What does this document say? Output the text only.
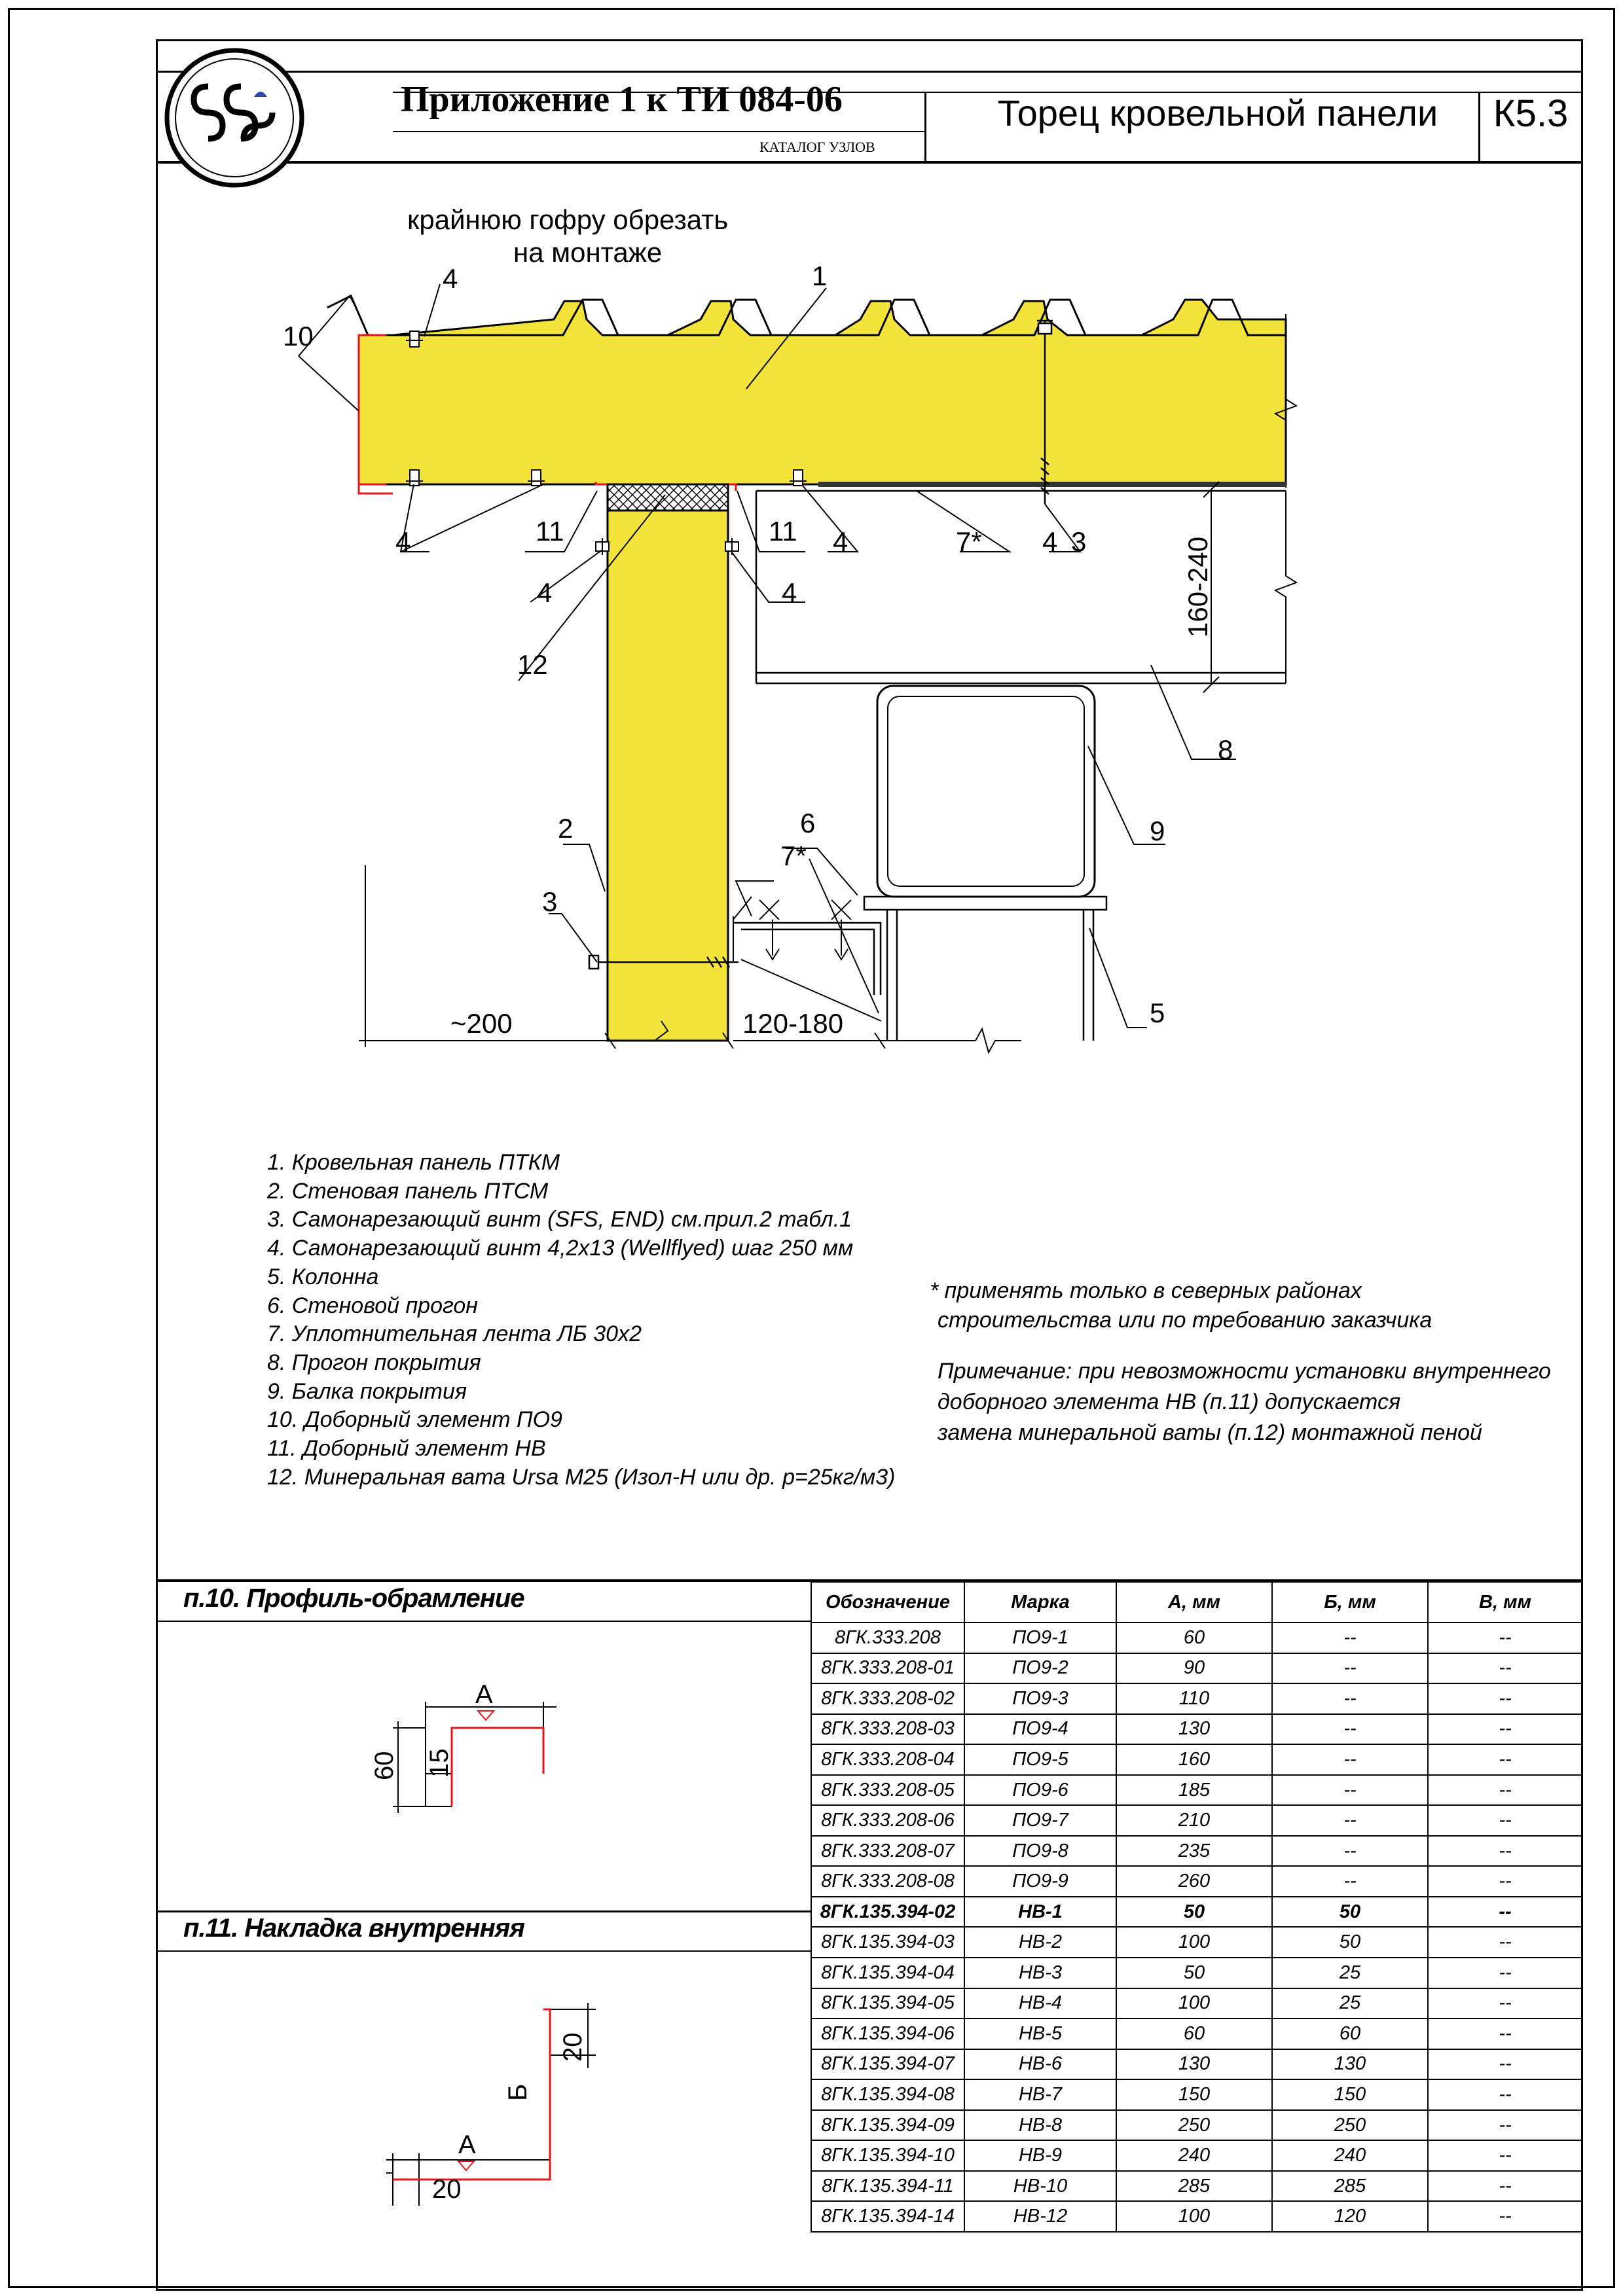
Приложение 1 к ТИ 084-06
КАТАЛОГ УЗЛОВ
Торец кровельной панели	К5.3
крайнюю гофру обрезать
на монтаже
1
2
3
3
4
4
4
4
4
4
5
6
7*
7*
8
9
10
11	11
12
160-240
~200	120-180
1. Кровельная панель ПТКМ
2. Стеновая панель ПТСМ
3. Самонарезающий винт (SFS, END) см.прил.2 табл.1
4. Самонарезающий винт 4,2х13 (Wellflyed) шаг 250 мм
5. Колонна
6. Стеновой прогон
7. Уплотнительная лента ЛБ 30х2
8. Прогон покрытия
9. Балка покрытия
10. Доборный элемент ПО9
11. Доборный элемент НВ
12. Минеральная вата Ursa M25 (Изол-Н или др. р=25кг/м3)
* применять только в северных районах
строительства или по требованию заказчика
Примечание: при невозможности установки внутреннего
доборного элемента НВ (п.11) допускается
замена минеральной ваты (п.12) монтажной пеной
п.10. Профиль-обрамление
п.11. Накладка внутренняя
А
60 15
А
Б
20
20
Обозначение	Марка	А, мм	Б, мм	В, мм
8ГК.333.208	ПО9-1	60	--	--
8ГК.333.208-01	ПО9-2	90	--	--
8ГК.333.208-02	ПО9-3	110	--	--
8ГК.333.208-03	ПО9-4	130	--	--
8ГК.333.208-04	ПО9-5	160	--	--
8ГК.333.208-05	ПО9-6	185	--	--
8ГК.333.208-06	ПО9-7	210	--	--
8ГК.333.208-07	ПО9-8	235	--	--
8ГК.333.208-08	ПО9-9	260	--	--
8ГК.135.394-02	НВ-1	50	50	--
8ГК.135.394-03	НВ-2	100	50	--
8ГК.135.394-04	НВ-3	50	25	--
8ГК.135.394-05	НВ-4	100	25	--
8ГК.135.394-06	НВ-5	60	60	--
8ГК.135.394-07	НВ-6	130	130	--
8ГК.135.394-08	НВ-7	150	150	--
8ГК.135.394-09	НВ-8	250	250	--
8ГК.135.394-10	НВ-9	240	240	--
8ГК.135.394-11	НВ-10	285	285	--
8ГК.135.394-14	НВ-12	100	120	--
